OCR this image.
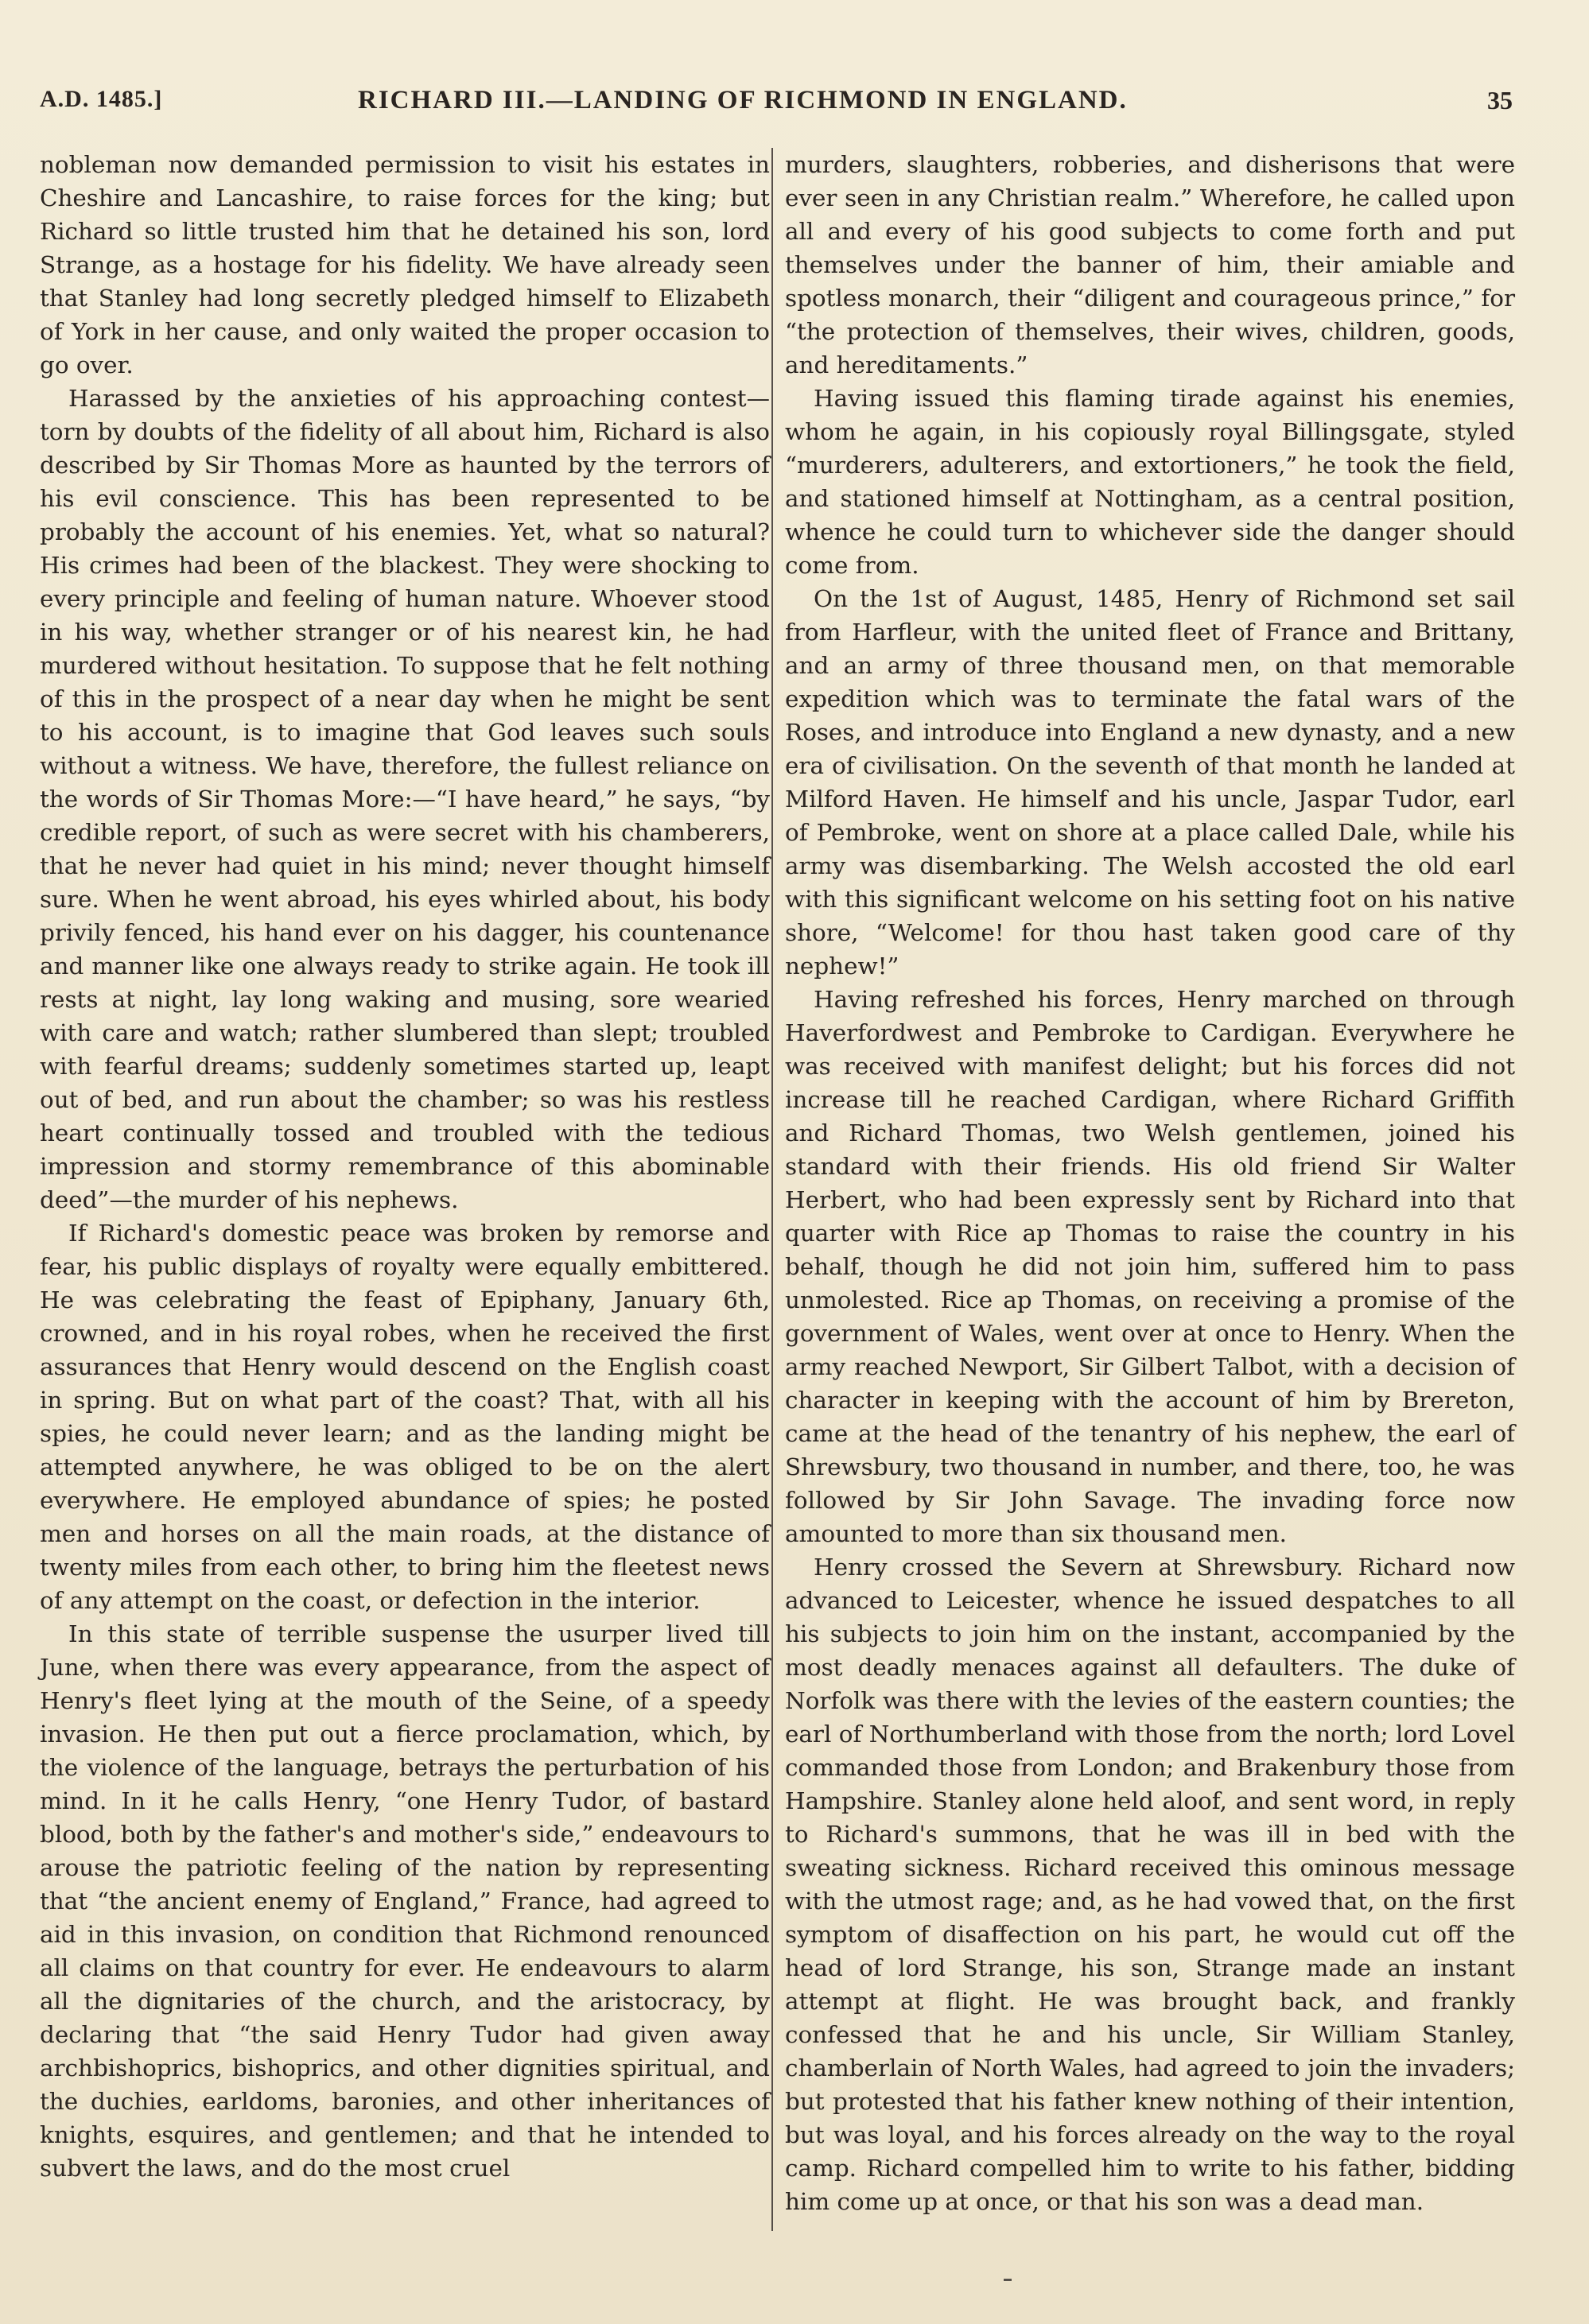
A.D. 1485.]	RICHARD III.—LANDING OF RICHMOND IN ENGLAND.	35

nobleman now demanded permission to visit his estates in Cheshire and Lancashire, to raise forces for the king; but Richard so little trusted him that he detained his son, lord Strange, as a hostage for his fidelity. We have already seen that Stanley had long secretly pledged himself to Elizabeth of York in her cause, and only waited the proper occasion to go over.

Harassed by the anxieties of his approaching contest—torn by doubts of the fidelity of all about him, Richard is also described by Sir Thomas More as haunted by the terrors of his evil conscience. This has been represented to be probably the account of his enemies. Yet, what so natural? His crimes had been of the blackest. They were shocking to every principle and feeling of human nature. Whoever stood in his way, whether stranger or of his nearest kin, he had murdered without hesitation. To suppose that he felt nothing of this in the prospect of a near day when he might be sent to his account, is to imagine that God leaves such souls without a witness. We have, therefore, the fullest reliance on the words of Sir Thomas More:—“I have heard,” he says, “by credible report, of such as were secret with his chamberers, that he never had quiet in his mind; never thought himself sure. When he went abroad, his eyes whirled about, his body privily fenced, his hand ever on his dagger, his countenance and manner like one always ready to strike again. He took ill rests at night, lay long waking and musing, sore wearied with care and watch; rather slumbered than slept; troubled with fearful dreams; suddenly sometimes started up, leapt out of bed, and run about the chamber; so was his restless heart continually tossed and troubled with the tedious impression and stormy remembrance of this abominable deed”—the murder of his nephews.

If Richard's domestic peace was broken by remorse and fear, his public displays of royalty were equally embittered. He was celebrating the feast of Epiphany, January 6th, crowned, and in his royal robes, when he received the first assurances that Henry would descend on the English coast in spring. But on what part of the coast? That, with all his spies, he could never learn; and as the landing might be attempted anywhere, he was obliged to be on the alert everywhere. He employed abundance of spies; he posted men and horses on all the main roads, at the distance of twenty miles from each other, to bring him the fleetest news of any attempt on the coast, or defection in the interior.

In this state of terrible suspense the usurper lived till June, when there was every appearance, from the aspect of Henry's fleet lying at the mouth of the Seine, of a speedy invasion. He then put out a fierce proclamation, which, by the violence of the language, betrays the perturbation of his mind. In it he calls Henry, “one Henry Tudor, of bastard blood, both by the father's and mother's side,” endeavours to arouse the patriotic feeling of the nation by representing that “the ancient enemy of England,” France, had agreed to aid in this invasion, on condition that Richmond renounced all claims on that country for ever. He endeavours to alarm all the dignitaries of the church, and the aristocracy, by declaring that “the said Henry Tudor had given away archbishoprics, bishoprics, and other dignities spiritual, and the duchies, earldoms, baronies, and other inheritances of knights, esquires, and gentlemen; and that he intended to subvert the laws, and do the most cruel

murders, slaughters, robberies, and disherisons that were ever seen in any Christian realm.” Wherefore, he called upon all and every of his good subjects to come forth and put themselves under the banner of him, their amiable and spotless monarch, their “diligent and courageous prince,” for “the protection of themselves, their wives, children, goods, and hereditaments.”

Having issued this flaming tirade against his enemies, whom he again, in his copiously royal Billingsgate, styled “murderers, adulterers, and extortioners,” he took the field, and stationed himself at Nottingham, as a central position, whence he could turn to whichever side the danger should come from.

On the 1st of August, 1485, Henry of Richmond set sail from Harfleur, with the united fleet of France and Brittany, and an army of three thousand men, on that memorable expedition which was to terminate the fatal wars of the Roses, and introduce into England a new dynasty, and a new era of civilisation. On the seventh of that month he landed at Milford Haven. He himself and his uncle, Jaspar Tudor, earl of Pembroke, went on shore at a place called Dale, while his army was disembarking. The Welsh accosted the old earl with this significant welcome on his setting foot on his native shore, “Welcome! for thou hast taken good care of thy nephew!”

Having refreshed his forces, Henry marched on through Haverfordwest and Pembroke to Cardigan. Everywhere he was received with manifest delight; but his forces did not increase till he reached Cardigan, where Richard Griffith and Richard Thomas, two Welsh gentlemen, joined his standard with their friends. His old friend Sir Walter Herbert, who had been expressly sent by Richard into that quarter with Rice ap Thomas to raise the country in his behalf, though he did not join him, suffered him to pass unmolested. Rice ap Thomas, on receiving a promise of the government of Wales, went over at once to Henry. When the army reached Newport, Sir Gilbert Talbot, with a decision of character in keeping with the account of him by Brereton, came at the head of the tenantry of his nephew, the earl of Shrewsbury, two thousand in number, and there, too, he was followed by Sir John Savage. The invading force now amounted to more than six thousand men.

Henry crossed the Severn at Shrewsbury. Richard now advanced to Leicester, whence he issued despatches to all his subjects to join him on the instant, accompanied by the most deadly menaces against all defaulters. The duke of Norfolk was there with the levies of the eastern counties; the earl of Northumberland with those from the north; lord Lovel commanded those from London; and Brakenbury those from Hampshire. Stanley alone held aloof, and sent word, in reply to Richard's summons, that he was ill in bed with the sweating sickness. Richard received this ominous message with the utmost rage; and, as he had vowed that, on the first symptom of disaffection on his part, he would cut off the head of lord Strange, his son, Strange made an instant attempt at flight. He was brought back, and frankly confessed that he and his uncle, Sir William Stanley, chamberlain of North Wales, had agreed to join the invaders; but protested that his father knew nothing of their intention, but was loyal, and his forces already on the way to the royal camp. Richard compelled him to write to his father, bidding him come up at once, or that his son was a dead man.
